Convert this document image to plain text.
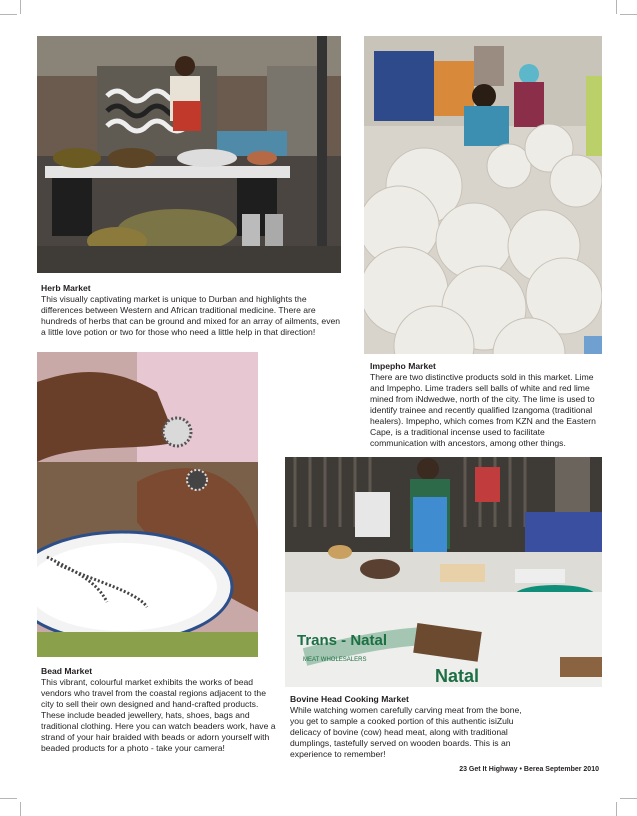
Herb Market
This visually captivating market is unique to Durban and highlights the differences between Western and African traditional medicine. There are hundreds of herbs that can be ground and mixed for an array of ailments, even a little love potion or two for those who need a little help in that direction!
Impepho Market
There are two distinctive products sold in this market. Lime and Impepho. Lime traders sell balls of white and red lime mined from iNdwedwe, north of the city. The lime is used to identify trainee and recently qualified Izangoma (traditional healers). Impepho, which comes from KZN and the Eastern Cape, is a traditional incense used to facilitate communication with ancestors, among other things.
Trans - Natal
MEAT WHOLESALERS
Natal
Bead Market
This vibrant, colourful market exhibits the works of bead vendors who travel from the coastal regions adjacent to the city to sell their own designed and hand-crafted products. These include beaded jewellery, hats, shoes, bags and traditional clothing. Here you can watch beaders work, have a strand of your hair braided with beads or adorn yourself with beaded products for a photo - take your camera!
Bovine Head Cooking Market
While watching women carefully carving meat from the bone, you get to sample a cooked portion of this authentic isiZulu delicacy of bovine (cow) head meat, along with traditional dumplings, tastefully served on wooden boards. This is an experience to remember!
23 Get It Highway • Berea September 2010
